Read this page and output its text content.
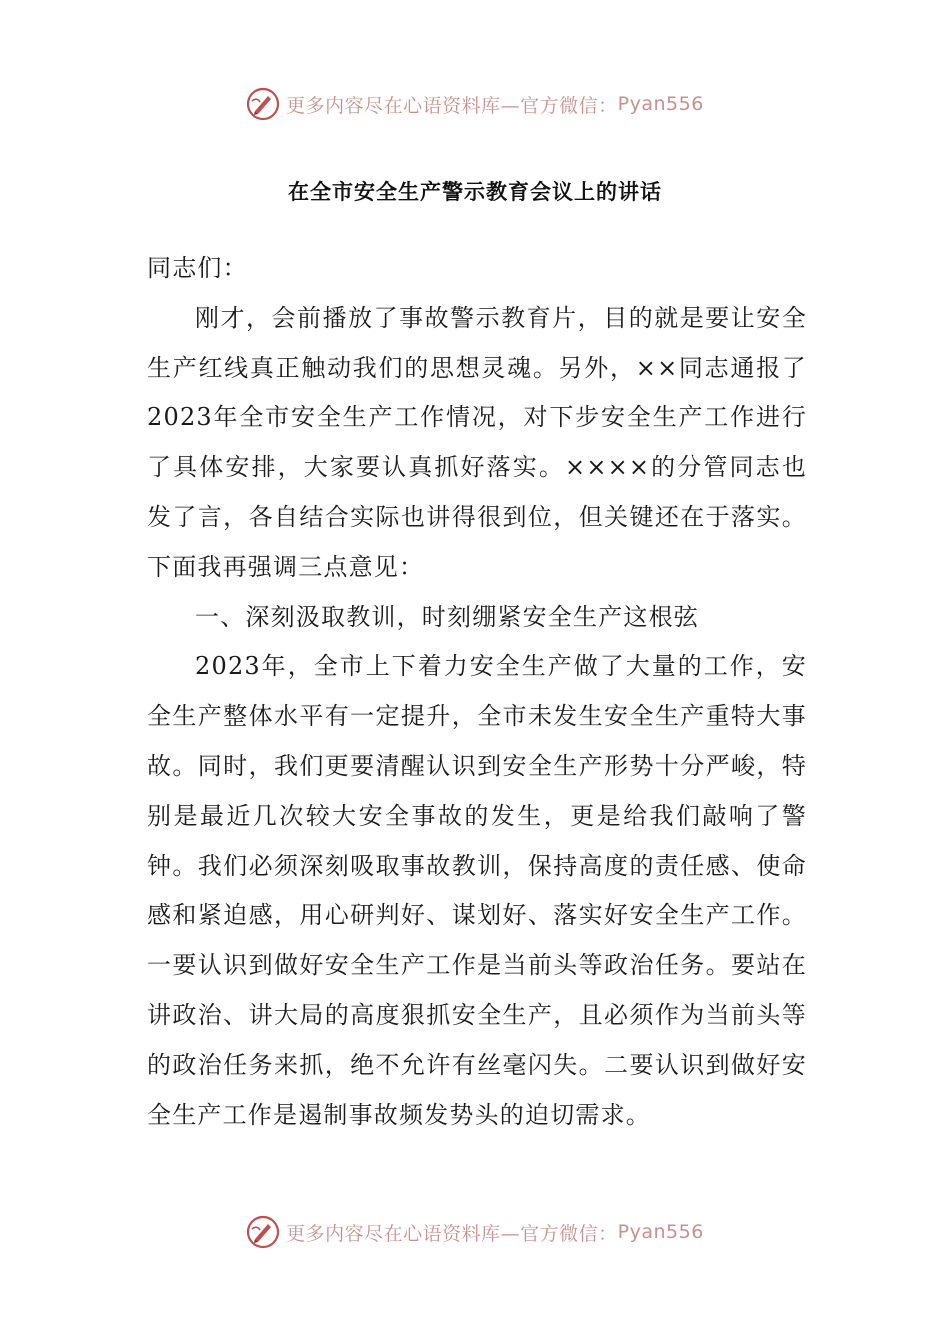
更多内容尽在心语资料库—官方微信： Pyan556
在全市安全生产警示教育会议上的讲话

同志们：

刚才，会前播放了事故警示教育片，目的就是要让安全生产红线真正触动我们的思想灵魂。另外，××同志通报了2023年全市安全生产工作情况，对下步安全生产工作进行了具体安排，大家要认真抓好落实。××××的分管同志也发了言，各自结合实际也讲得很到位，但关键还在于落实。下面我再强调三点意见：

一、深刻汲取教训，时刻绷紧安全生产这根弦

2023年，全市上下着力安全生产做了大量的工作，安全生产整体水平有一定提升，全市未发生安全生产重特大事故。同时，我们更要清醒认识到安全生产形势十分严峻，特别是最近几次较大安全事故的发生，更是给我们敲响了警钟。我们必须深刻吸取事故教训，保持高度的责任感、使命感和紧迫感，用心研判好、谋划好、落实好安全生产工作。一要认识到做好安全生产工作是当前头等政治任务。要站在讲政治、讲大局的高度狠抓安全生产，且必须作为当前头等的政治任务来抓，绝不允许有丝毫闪失。二要认识到做好安全生产工作是遏制事故频发势头的迫切需求。

更多内容尽在心语资料库—官方微信： Pyan556
